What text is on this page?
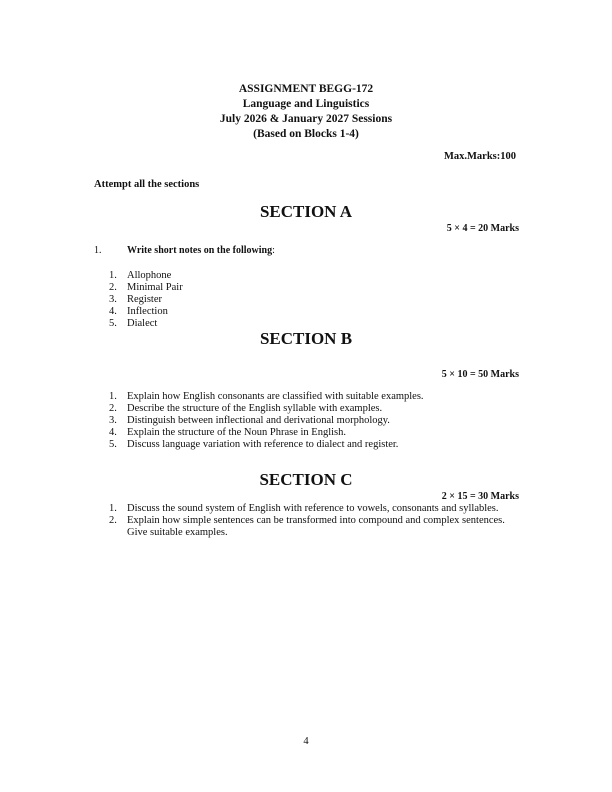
ASSIGNMENT BEGG-172
Language and Linguistics
July 2026 & January 2027 Sessions
(Based on Blocks 1-4)
Max.Marks:100
Attempt all the sections
SECTION A
5 × 4 = 20 Marks
1.	Write short notes on the following:
1. Allophone
2. Minimal Pair
3. Register
4. Inflection
5. Dialect
SECTION B
5 × 10 = 50 Marks
1. Explain how English consonants are classified with suitable examples.
2. Describe the structure of the English syllable with examples.
3. Distinguish between inflectional and derivational morphology.
4. Explain the structure of the Noun Phrase in English.
5. Discuss language variation with reference to dialect and register.
SECTION C
2 × 15 = 30 Marks
1. Discuss the sound system of English with reference to vowels, consonants and syllables.
2. Explain how simple sentences can be transformed into compound and complex sentences.
Give suitable examples.
4
